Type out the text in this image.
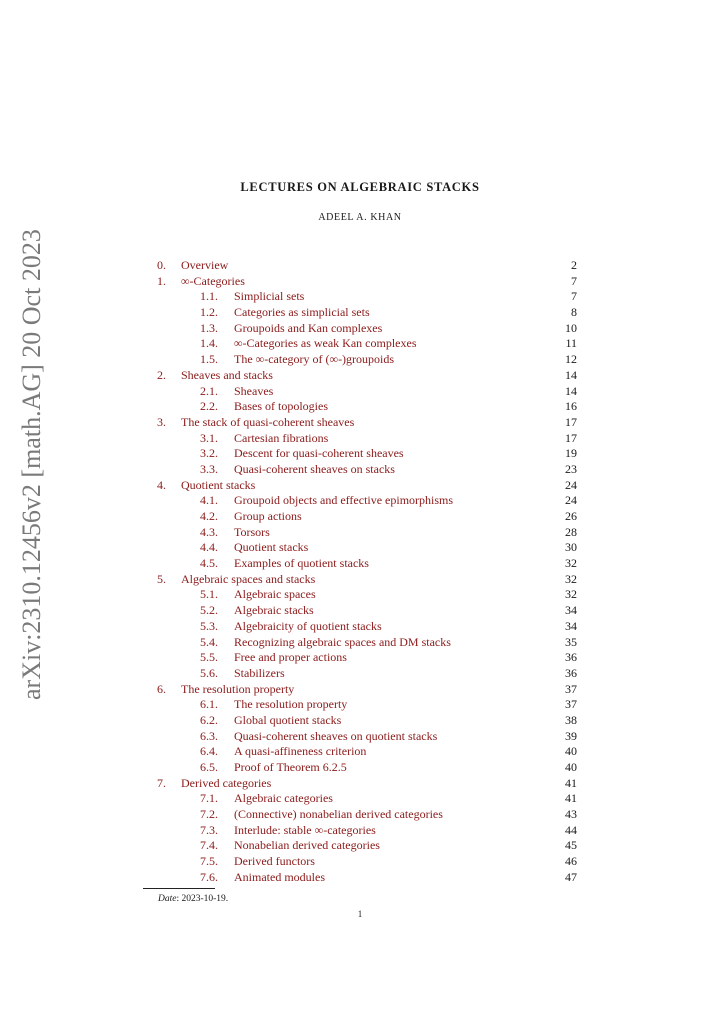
arXiv:2310.12456v2 [math.AG] 20 Oct 2023
LECTURES ON ALGEBRAIC STACKS
ADEEL A. KHAN
0. Overview	2
1. ∞-Categories	7
1.1. Simplicial sets	7
1.2. Categories as simplicial sets	8
1.3. Groupoids and Kan complexes	10
1.4. ∞-Categories as weak Kan complexes	11
1.5. The ∞-category of (∞-)groupoids	12
2. Sheaves and stacks	14
2.1. Sheaves	14
2.2. Bases of topologies	16
3. The stack of quasi-coherent sheaves	17
3.1. Cartesian fibrations	17
3.2. Descent for quasi-coherent sheaves	19
3.3. Quasi-coherent sheaves on stacks	23
4. Quotient stacks	24
4.1. Groupoid objects and effective epimorphisms	24
4.2. Group actions	26
4.3. Torsors	28
4.4. Quotient stacks	30
4.5. Examples of quotient stacks	32
5. Algebraic spaces and stacks	32
5.1. Algebraic spaces	32
5.2. Algebraic stacks	34
5.3. Algebraicity of quotient stacks	34
5.4. Recognizing algebraic spaces and DM stacks	35
5.5. Free and proper actions	36
5.6. Stabilizers	36
6. The resolution property	37
6.1. The resolution property	37
6.2. Global quotient stacks	38
6.3. Quasi-coherent sheaves on quotient stacks	39
6.4. A quasi-affineness criterion	40
6.5. Proof of Theorem 6.2.5	40
7. Derived categories	41
7.1. Algebraic categories	41
7.2. (Connective) nonabelian derived categories	43
7.3. Interlude: stable ∞-categories	44
7.4. Nonabelian derived categories	45
7.5. Derived functors	46
7.6. Animated modules	47
Date: 2023-10-19.
1
